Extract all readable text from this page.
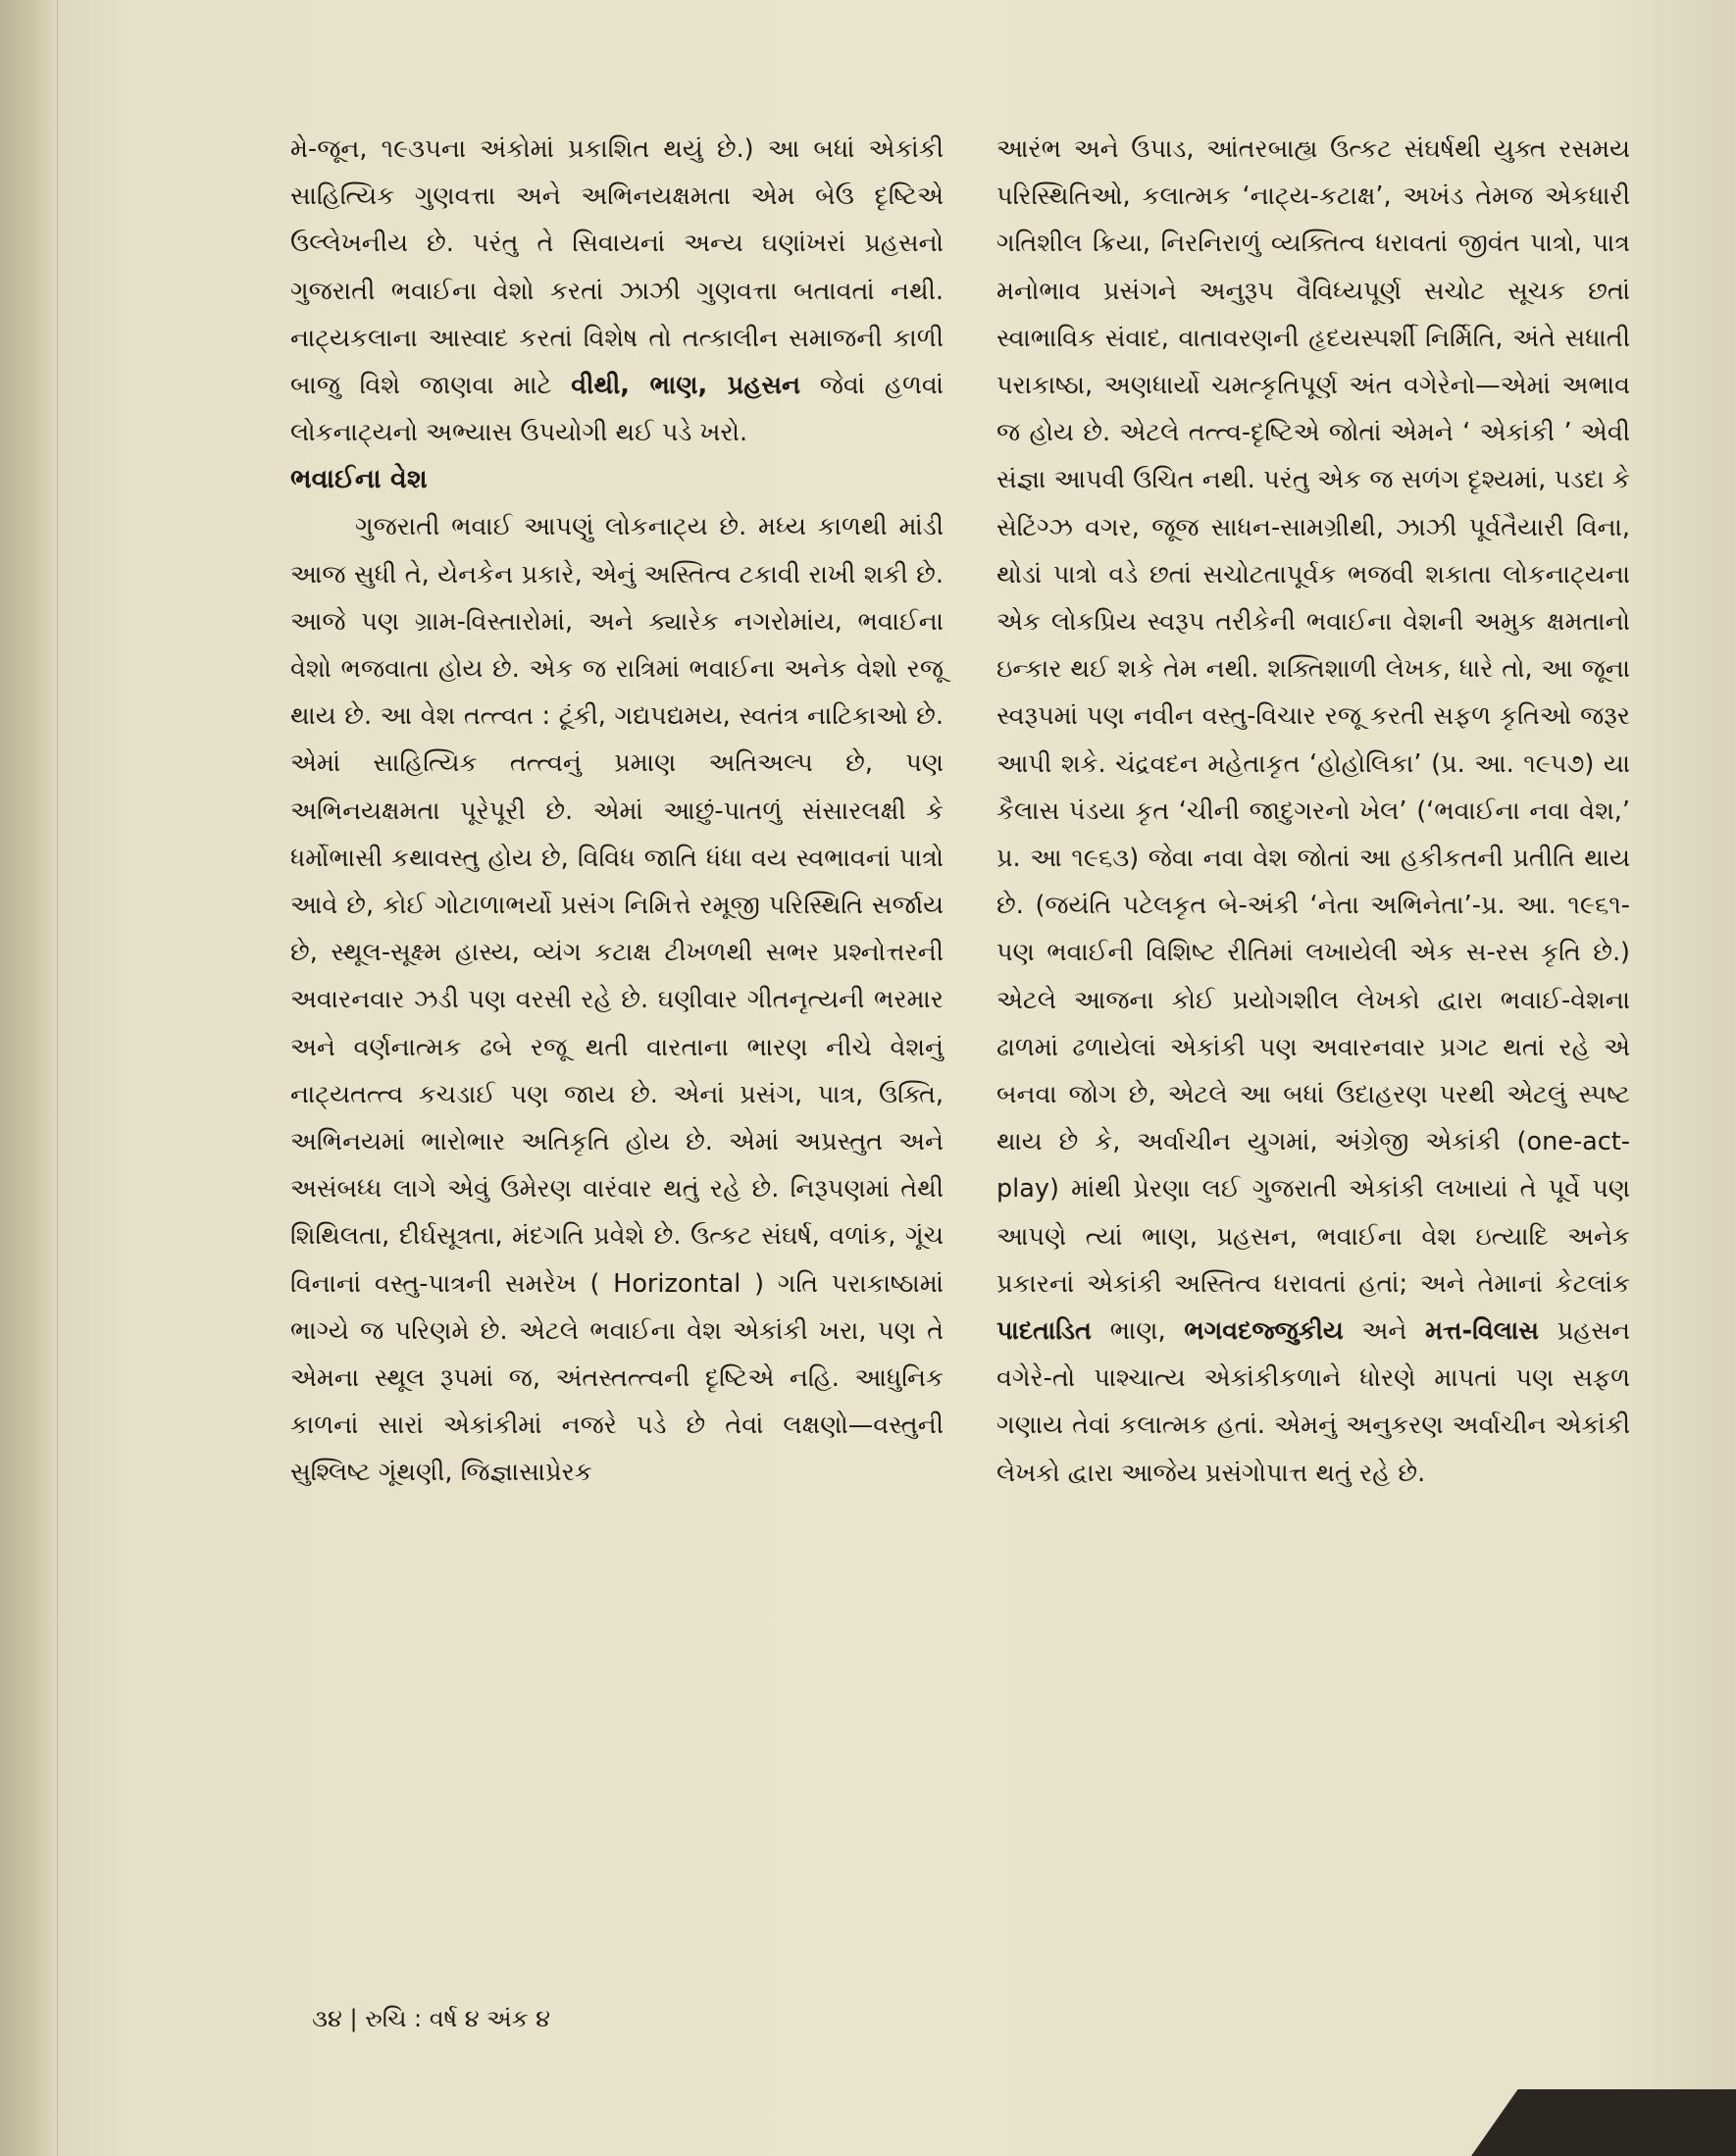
મે-જૂન, ૧૯૩૫ના અંકોમાં પ્રકાશિત થયું છે.) આ બધાં એકાંકી સાહિત્યિક ગુણવત્તા અને અભિનયક્ષમતા એમ બેઉ દૃષ્ટિએ ઉલ્લેખનીય છે. પરંતુ તે સિવાયનાં અન્ય ઘણાંખરાં પ્રહસનો ગુજરાતી ભવાઈના વેશો કરતાં ઝાઝી ગુણવત્તા બતાવતાં નથી. નાટ્યકલાના આસ્વાદ કરતાં વિશેષ તો તત્કાલીન સમાજની કાળી બાજુ વિશે જાણવા માટે વીથી, ભાણ, પ્રહસન જેવાં હળવાં લોકનાટ્યનો અભ્યાસ ઉપયોગી થઈ પડે ખરો.

ભવાઈના વેશ

ગુજરાતી ભવાઈ આપણું લોકનાટ્ય છે. મધ્ય કાળથી માંડી આજ સુધી તે, યેનકેન પ્રકારે, એનું અસ્તિત્વ ટકાવી રાખી શકી છે. આજે પણ ગ્રામ-વિસ્તારોમાં, અને ક્યારેક નગરોમાંય, ભવાઈના વેશો ભજવાતા હોય છે. એક જ રાત્રિમાં ભવાઈના અનેક વેશો રજૂ થાય છે. આ વેશ તત્ત્વત : ટૂંકી, ગદ્યપદ્યમય, સ્વતંત્ર નાટિકાઓ છે. એમાં સાહિત્યિક તત્ત્વનું પ્રમાણ અતિઅલ્પ છે, પણ અભિનયક્ષમતા પૂરેપૂરી છે. એમાં આછું-પાતળું સંસારલક્ષી કે ધર્મોભાસી કથાવસ્તુ હોય છે, વિવિધ જાતિ ધંધા વય સ્વભાવનાં પાત્રો આવે છે, કોઈ ગોટાળાભર્યો પ્રસંગ નિમિત્તે રમૂજી પરિસ્થિતિ સર્જાય છે, સ્થૂલ-સૂક્ષ્મ હાસ્ય, વ્યંગ કટાક્ષ ટીખળથી સભર પ્રશ્નોત્તરની અવારનવાર ઝડી પણ વરસી રહે છે. ઘણીવાર ગીતનૃત્યની ભરમાર અને વર્ણનાત્મક ઢબે રજૂ થતી વારતાના ભારણ નીચે વેશનું નાટ્યતત્ત્વ કચડાઈ પણ જાય છે. એનાં પ્રસંગ, પાત્ર, ઉક્તિ, અભિનયમાં ભારોભાર અતિકૃતિ હોય છે. એમાં અપ્રસ્તુત અને અસંબધ્ધ લાગે એવું ઉમેરણ વારંવાર થતું રહે છે. નિરૂપણમાં તેથી શિથિલતા, દીર્ઘસૂત્રતા, મંદગતિ પ્રવેશે છે. ઉત્કટ સંઘર્ષ, વળાંક, ગૂંચ વિનાનાં વસ્તુ-પાત્રની સમરેખ ( Horizontal ) ગતિ પરાકાષ્ઠામાં ભાગ્યે જ પરિણમે છે. એટલે ભવાઈના વેશ એકાંકી ખરા, પણ તે એમના સ્થૂલ રૂપમાં જ, અંતસ્તત્ત્વની દૃષ્ટિએ નહિ. આધુનિક કાળનાં સારાં એકાંકીમાં નજરે પડે છે તેવાં લક્ષણો—વસ્તુની સુશ્લિષ્ટ ગૂંથણી, જિજ્ઞાસાપ્રેરક

આરંભ અને ઉપાડ, આંતરબાહ્ય ઉત્કટ સંઘર્ષથી યુક્ત રસમય પરિસ્થિતિઓ, કલાત્મક ‘નાટ્ય-કટાક્ષ’, અખંડ તેમજ એકધારી ગતિશીલ ક્રિયા, નિરનિરાળું વ્યક્તિત્વ ધરાવતાં જીવંત પાત્રો, પાત્ર મનોભાવ પ્રસંગને અનુરૂપ વૈવિધ્યપૂર્ણ સચોટ સૂચક છતાં સ્વાભાવિક સંવાદ, વાતાવરણની હૃદયસ્પર્શી નિર્મિતિ, અંતે સધાતી પરાકાષ્ઠા, અણધાર્યો ચમત્કૃતિપૂર્ણ અંત વગેરેનો—એમાં અભાવ જ હોય છે. એટલે તત્ત્વ-દૃષ્ટિએ જોતાં એમને ‘ એકાંકી ’ એવી સંજ્ઞા આપવી ઉચિત નથી. પરંતુ એક જ સળંગ દૃશ્યમાં, પડદા કે સેટિંગ્ઝ વગર, જૂજ સાધન-સામગ્રીથી, ઝાઝી પૂર્વતૈયારી વિના, થોડાં પાત્રો વડે છતાં સચોટતાપૂર્વક ભજવી શકાતા લોકનાટ્યના એક લોકપ્રિય સ્વરૂપ તરીકેની ભવાઈના વેશની અમુક ક્ષમતાનો ઇન્કાર થઈ શકે તેમ નથી. શક્તિશાળી લેખક, ધારે તો, આ જૂના સ્વરૂપમાં પણ નવીન વસ્તુ-વિચાર રજૂ કરતી સફળ કૃતિઓ જરૂર આપી શકે. ચંદ્રવદન મહેતાકૃત ‘હોહોલિકા’ (પ્ર. આ. ૧૯૫૭) યા કૈલાસ પંડયા કૃત ‘ચીની જાદુગરનો ખેલ’ (‘ભવાઈના નવા વેશ,’ પ્ર. આ ૧૯૬૩) જેવા નવા વેશ જોતાં આ હકીકતની પ્રતીતિ થાય છે. (જયંતિ પટેલકૃત બે-અંકી ‘નેતા અભિનેતા’-પ્ર. આ. ૧૯૬૧-પણ ભવાઈની વિશિષ્ટ રીતિમાં લખાયેલી એક સ-રસ કૃતિ છે.) એટલે આજના કોઈ પ્રયોગશીલ લેખકો દ્વારા ભવાઈ-વેશના ઢાળમાં ઢળાયેલાં એકાંકી પણ અવારનવાર પ્રગટ થતાં રહે એ બનવા જોગ છે, એટલે આ બધાં ઉદાહરણ પરથી એટલું સ્પષ્ટ થાય છે કે, અર્વાચીન યુગમાં, અંગ્રેજી એકાંકી (one-act-play) માંથી પ્રેરણા લઈ ગુજરાતી એકાંકી લખાયાં તે પૂર્વે પણ આપણે ત્યાં ભાણ, પ્રહસન, ભવાઈના વેશ ઇત્યાદિ અનેક પ્રકારનાં એકાંકી અસ્તિત્વ ધરાવતાં હતાં; અને તેમાનાં કેટલાંક પાદતાડિત ભાણ, ભગવદજ્જુકીય અને મત્ત-વિલાસ પ્રહસન વગેરે-તો પાશ્ચાત્ય એકાંકીકળાને ધોરણે માપતાં પણ સફળ ગણાય તેવાં કલાત્મક હતાં. એમનું અનુકરણ અર્વાચીન એકાંકી લેખકો દ્વારા આજેય પ્રસંગોપાત્ત થતું રહે છે.

૩૪ | રુચિ : વર્ષ ૪ અંક ૪
